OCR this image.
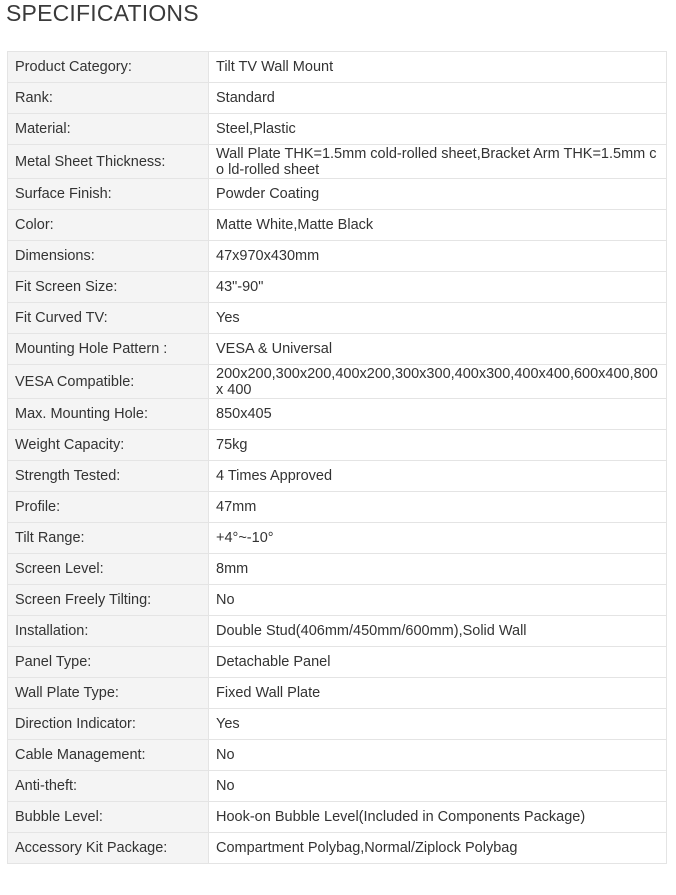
SPECIFICATIONS
Product Category:	Tilt TV Wall Mount
Rank:	Standard
Material:	Steel,Plastic
Metal Sheet Thickness:	Wall Plate THK=1.5mm cold-rolled sheet,Bracket Arm THK=1.5mm co ld-rolled sheet
Surface Finish:	Powder Coating
Color:	Matte White,Matte Black
Dimensions:	47x970x430mm
Fit Screen Size:	43"-90"
Fit Curved TV:	Yes
Mounting Hole Pattern :	VESA & Universal
VESA Compatible:	200x200,300x200,400x200,300x300,400x300,400x400,600x400,800x 400
Max. Mounting Hole:	850x405
Weight Capacity:	75kg
Strength Tested:	4 Times Approved
Profile:	47mm
Tilt Range:	+4°~-10°
Screen Level:	8mm
Screen Freely Tilting:	No
Installation:	Double Stud(406mm/450mm/600mm),Solid Wall
Panel Type:	Detachable Panel
Wall Plate Type:	Fixed Wall Plate
Direction Indicator:	Yes
Cable Management:	No
Anti-theft:	No
Bubble Level:	Hook-on Bubble Level(Included in Components Package)
Accessory Kit Package:	Compartment Polybag,Normal/Ziplock Polybag
